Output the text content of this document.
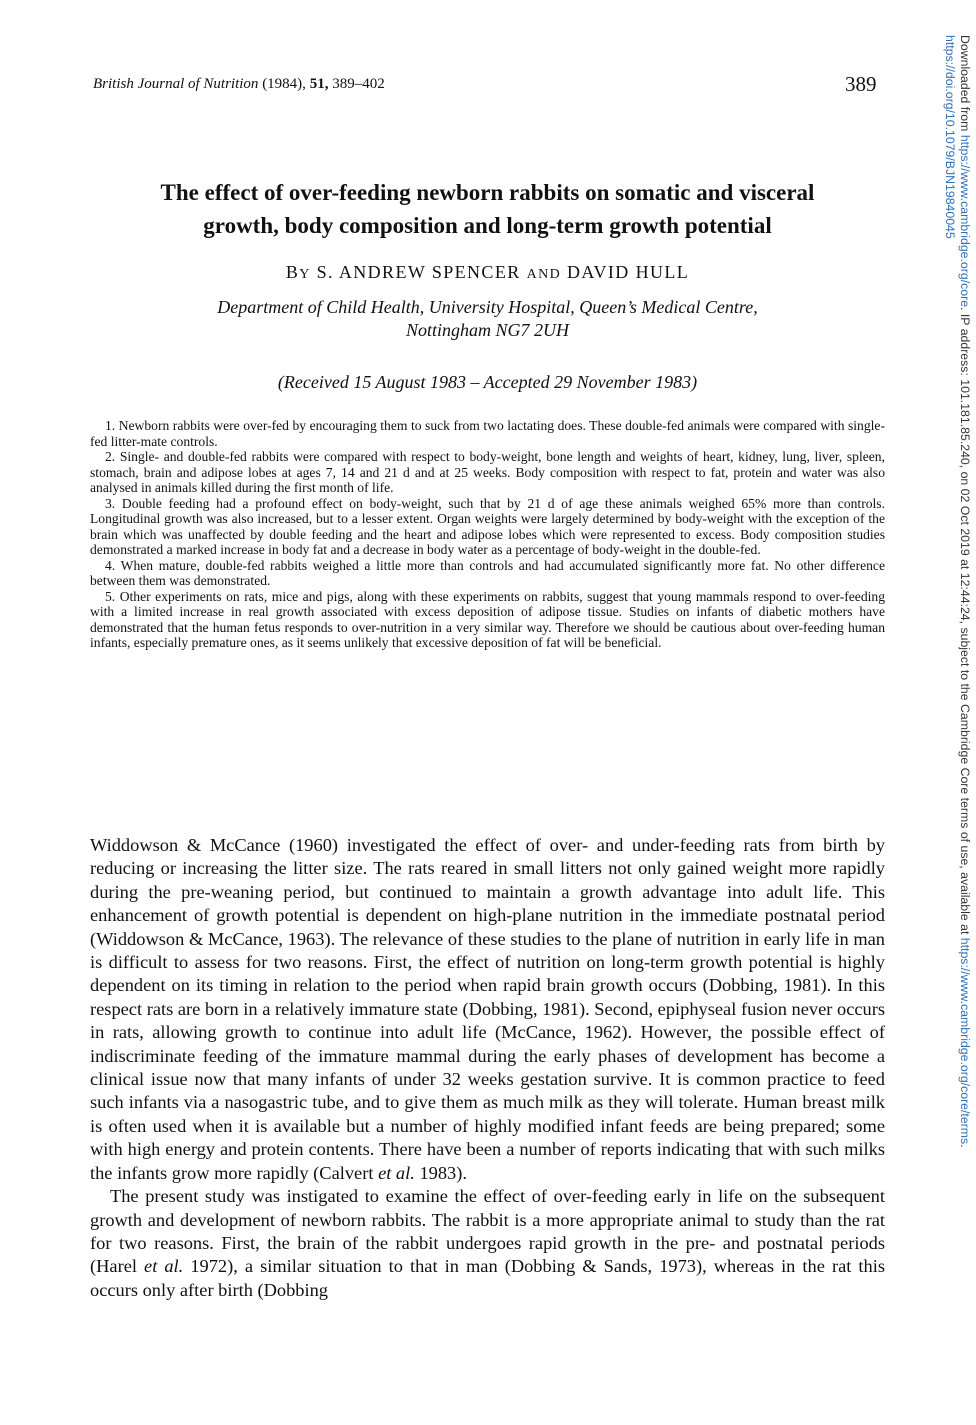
British Journal of Nutrition (1984), 51, 389–402	389
The effect of over-feeding newborn rabbits on somatic and visceral
growth, body composition and long-term growth potential
BY S. ANDREW SPENCER AND DAVID HULL
Department of Child Health, University Hospital, Queen’s Medical Centre,
Nottingham NG7 2UH
(Received 15 August 1983 – Accepted 29 November 1983)

1. Newborn rabbits were over-fed by encouraging them to suck from two lactating does. These double-fed animals were compared with single-fed litter-mate controls.

2. Single- and double-fed rabbits were compared with respect to body-weight, bone length and weights of heart, kidney, lung, liver, spleen, stomach, brain and adipose lobes at ages 7, 14 and 21 d and at 25 weeks. Body composition with respect to fat, protein and water was also analysed in animals killed during the first month of life.

3. Double feeding had a profound effect on body-weight, such that by 21 d of age these animals weighed 65% more than controls. Longitudinal growth was also increased, but to a lesser extent. Organ weights were largely determined by body-weight with the exception of the brain which was unaffected by double feeding and the heart and adipose lobes which were represented to excess. Body composition studies demonstrated a marked increase in body fat and a decrease in body water as a percentage of body-weight in the double-fed.

4. When mature, double-fed rabbits weighed a little more than controls and had accumulated significantly more fat. No other difference between them was demonstrated.

5. Other experiments on rats, mice and pigs, along with these experiments on rabbits, suggest that young mammals respond to over-feeding with a limited increase in real growth associated with excess deposition of adipose tissue. Studies on infants of diabetic mothers have demonstrated that the human fetus responds to over-nutrition in a very similar way. Therefore we should be cautious about over-feeding human infants, especially premature ones, as it seems unlikely that excessive deposition of fat will be beneficial.

Widdowson & McCance (1960) investigated the effect of over- and under-feeding rats from birth by reducing or increasing the litter size. The rats reared in small litters not only gained weight more rapidly during the pre-weaning period, but continued to maintain a growth advantage into adult life. This enhancement of growth potential is dependent on high-plane nutrition in the immediate postnatal period (Widdowson & McCance, 1963). The relevance of these studies to the plane of nutrition in early life in man is difficult to assess for two reasons. First, the effect of nutrition on long-term growth potential is highly dependent on its timing in relation to the period when rapid brain growth occurs (Dobbing, 1981). In this respect rats are born in a relatively immature state (Dobbing, 1981). Second, epiphyseal fusion never occurs in rats, allowing growth to continue into adult life (McCance, 1962). However, the possible effect of indiscriminate feeding of the immature mammal during the early phases of development has become a clinical issue now that many infants of under 32 weeks gestation survive. It is common practice to feed such infants via a nasogastric tube, and to give them as much milk as they will tolerate. Human breast milk is often used when it is available but a number of highly modified infant feeds are being prepared; some with high energy and protein contents. There have been a number of reports indicating that with such milks the infants grow more rapidly (Calvert et al. 1983).

The present study was instigated to examine the effect of over-feeding early in life on the subsequent growth and development of newborn rabbits. The rabbit is a more appropriate animal to study than the rat for two reasons. First, the brain of the rabbit undergoes rapid growth in the pre- and postnatal periods (Harel et al. 1972), a similar situation to that in man (Dobbing & Sands, 1973), whereas in the rat this occurs only after birth (Dobbing

Downloaded from https://www.cambridge.org/core. IP address: 101.181.85.240, on 02 Oct 2019 at 12:44:24, subject to the Cambridge Core terms of use, available at https://www.cambridge.org/core/terms.
https://doi.org/10.1079/BJN19840045
